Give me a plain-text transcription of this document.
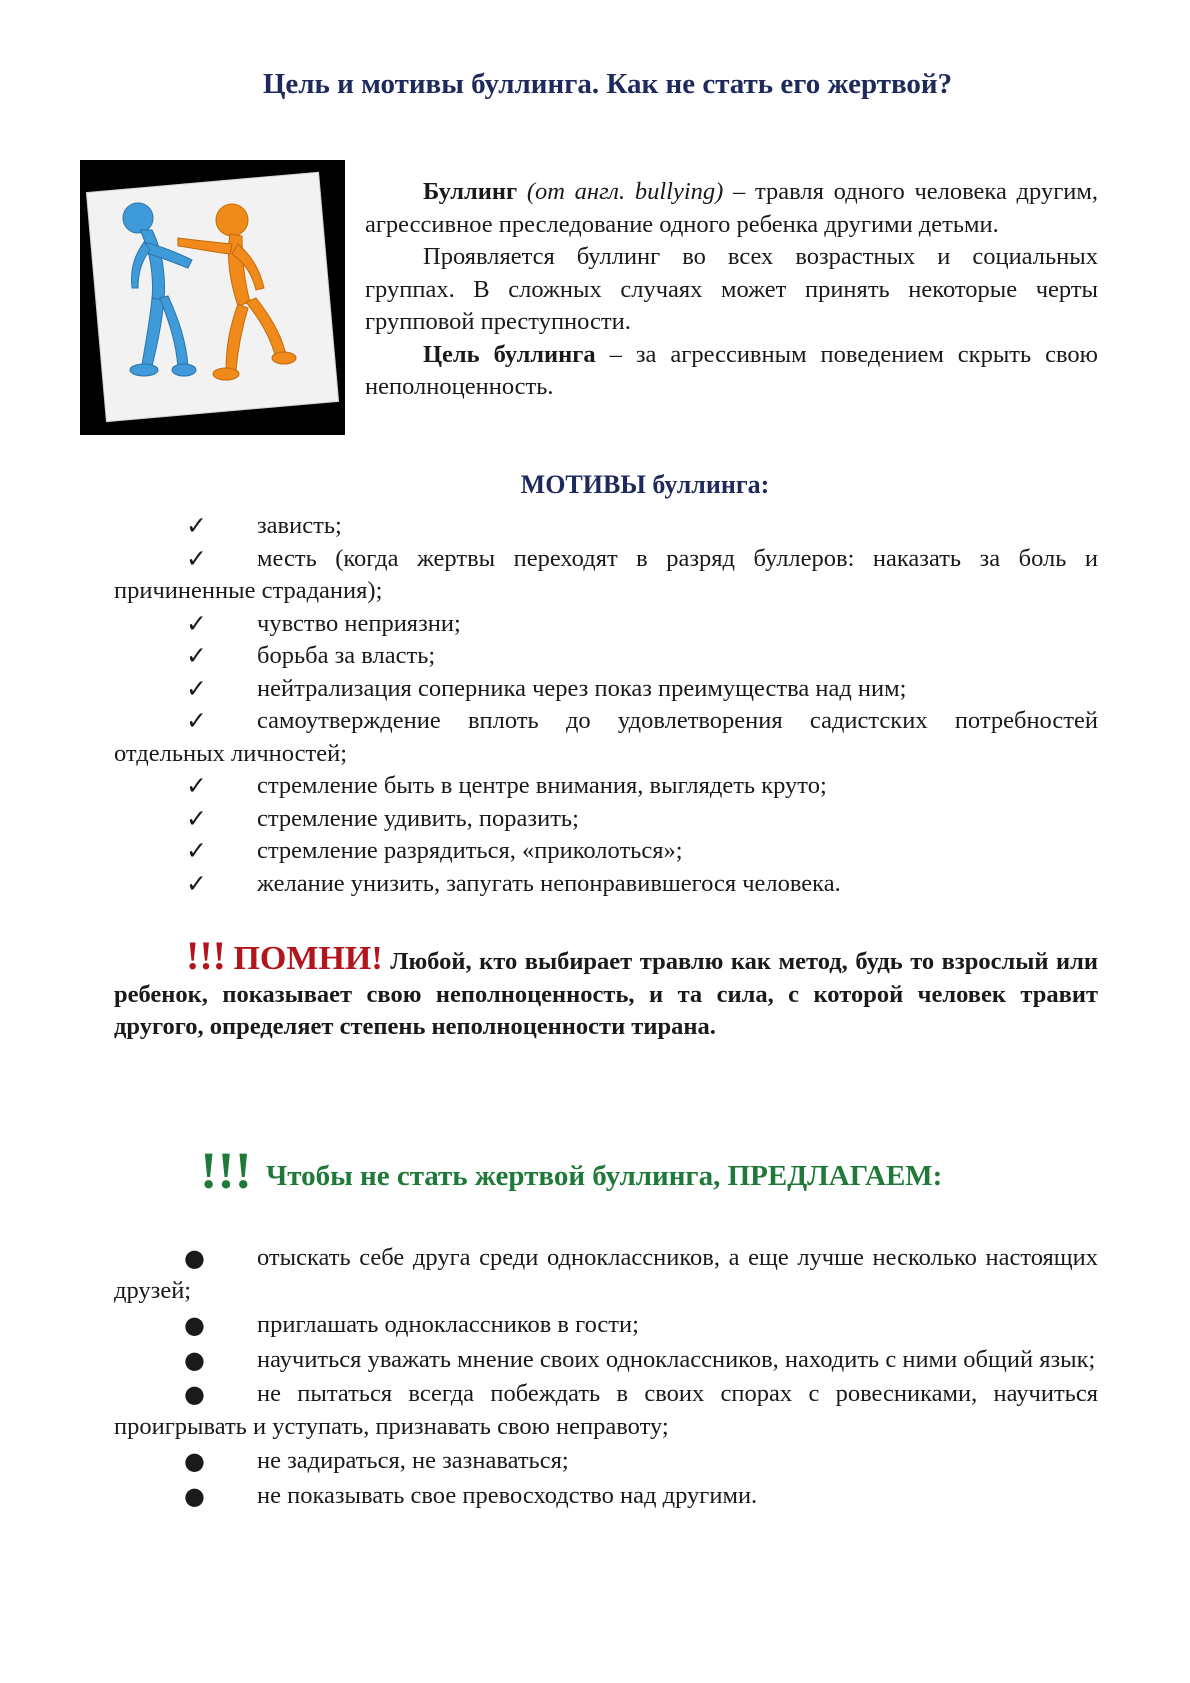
Цель и мотивы буллинга. Как не стать его жертвой?

Буллинг (от англ. bullying) – травля одного человека другим, агрессивное преследование одного ребенка другими детьми.

Проявляется буллинг во всех возрастных и социальных группах. В сложных случаях может принять некоторые черты групповой преступности.

Цель буллинга – за агрессивным поведением скрыть свою неполноценность.

МОТИВЫ буллинга:
✓ зависть;
✓ месть (когда жертвы переходят в разряд буллеров: наказать за боль и причиненные страдания);
✓ чувство неприязни;
✓ борьба за власть;
✓ нейтрализация соперника через показ преимущества над ним;
✓ самоутверждение вплоть до удовлетворения садистских потребностей отдельных личностей;
✓ стремление быть в центре внимания, выглядеть круто;
✓ стремление удивить, поразить;
✓ стремление разрядиться, «приколоться»;
✓ желание унизить, запугать непонравившегося человека.

!!! ПОМНИ! Любой, кто выбирает травлю как метод, будь то взрослый или ребенок, показывает свою неполноценность, и та сила, с которой человек травит другого, определяет степень неполноценности тирана.

!!! Чтобы не стать жертвой буллинга, ПРЕДЛАГАЕМ:
● отыскать себе друга среди одноклассников, а еще лучше несколько настоящих друзей;
● приглашать одноклассников в гости;
● научиться уважать мнение своих одноклассников, находить с ними общий язык;
● не пытаться всегда побеждать в своих спорах с ровесниками, научиться проигрывать и уступать, признавать свою неправоту;
● не задираться, не зазнаваться;
● не показывать свое превосходство над другими.
